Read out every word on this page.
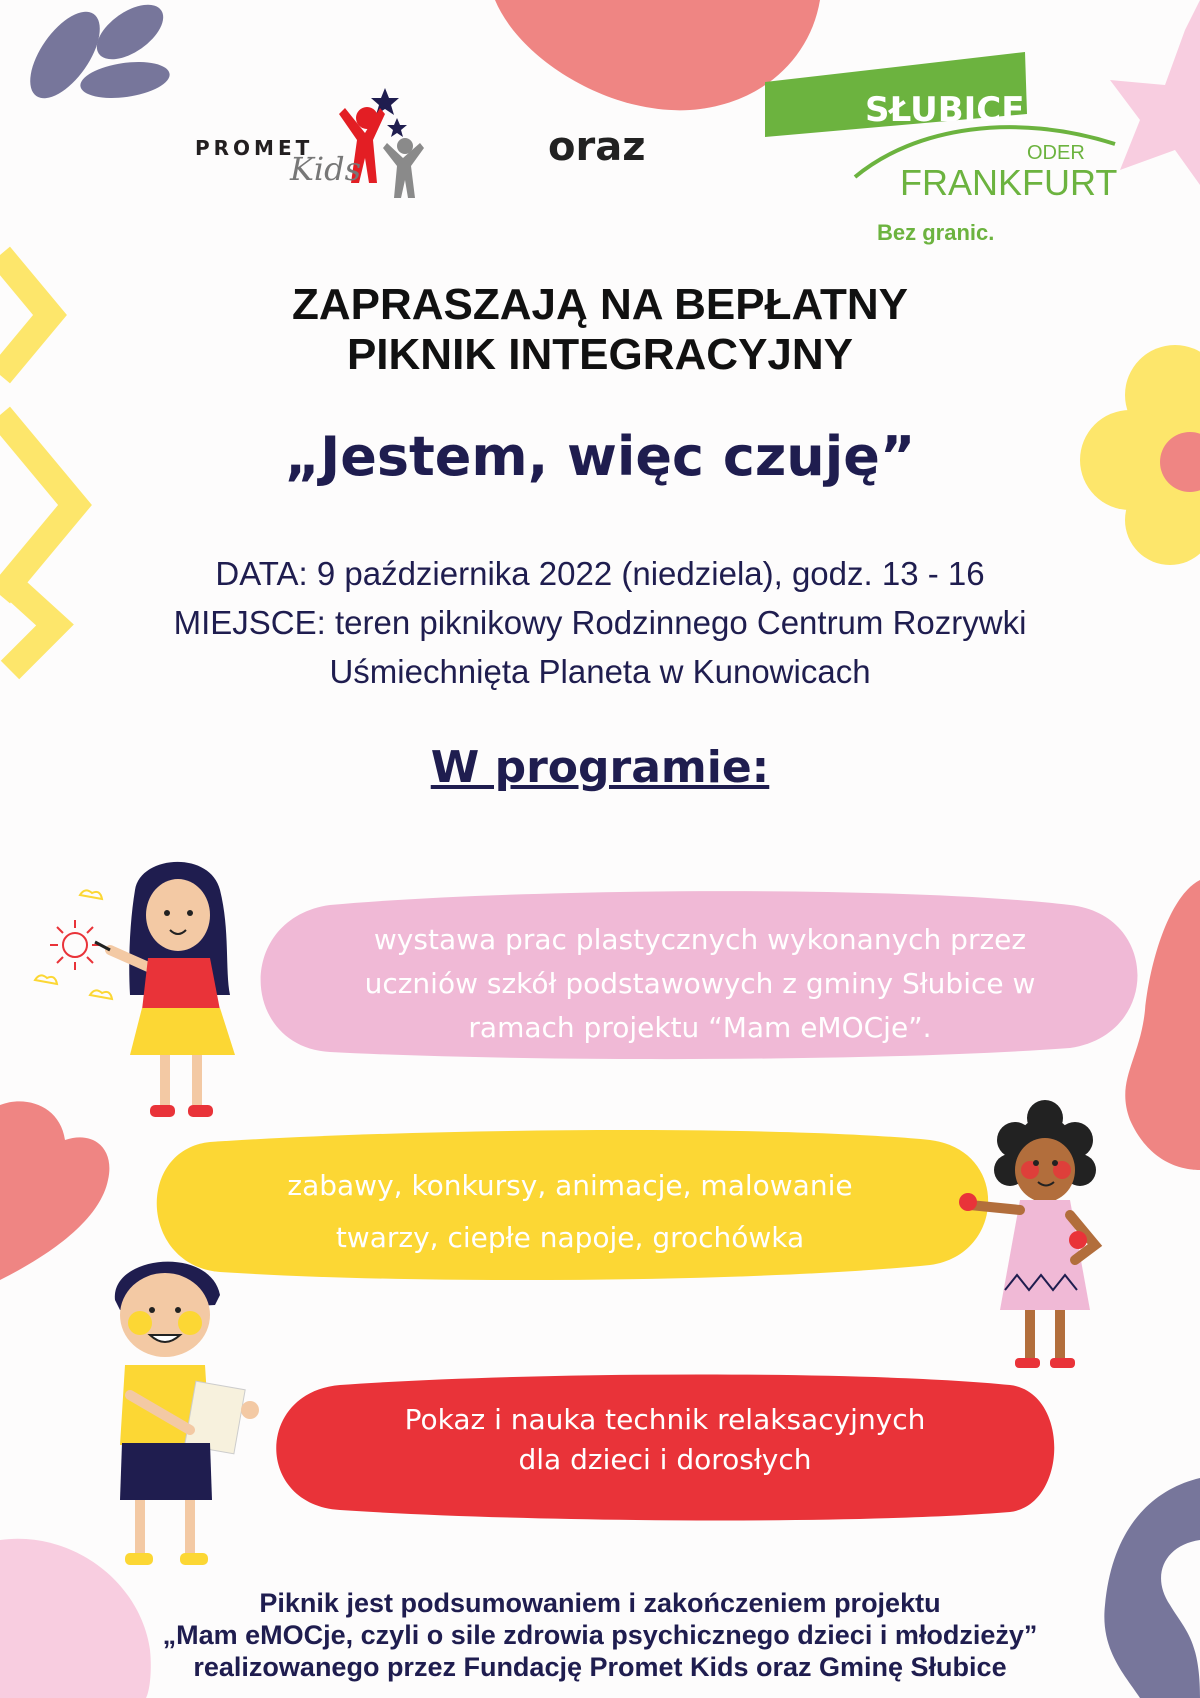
PROMET
Kids	oraz
SŁUBICE
ODER
FRANKFURT
Bez granic.
ZAPRASZAJĄ NA BEPŁATNY
PIKNIK INTEGRACYJNY
„Jestem, więc czuję”
DATA: 9 października 2022 (niedziela), godz. 13 - 16
MIEJSCE: teren piknikowy Rodzinnego Centrum Rozrywki
Uśmiechnięta Planeta w Kunowicach
W programie:
wystawa prac plastycznych wykonanych przez
uczniów szkół podstawowych z gminy Słubice w
ramach projektu “Mam eMOCje”.
zabawy, konkursy, animacje, malowanie
twarzy, ciepłe napoje, grochówka
Pokaz i nauka technik relaksacyjnych
dla dzieci i dorosłych
Piknik jest podsumowaniem i zakończeniem projektu
„Mam eMOCje, czyli o sile zdrowia psychicznego dzieci i młodzieży”
realizowanego przez Fundację Promet Kids oraz Gminę Słubice
